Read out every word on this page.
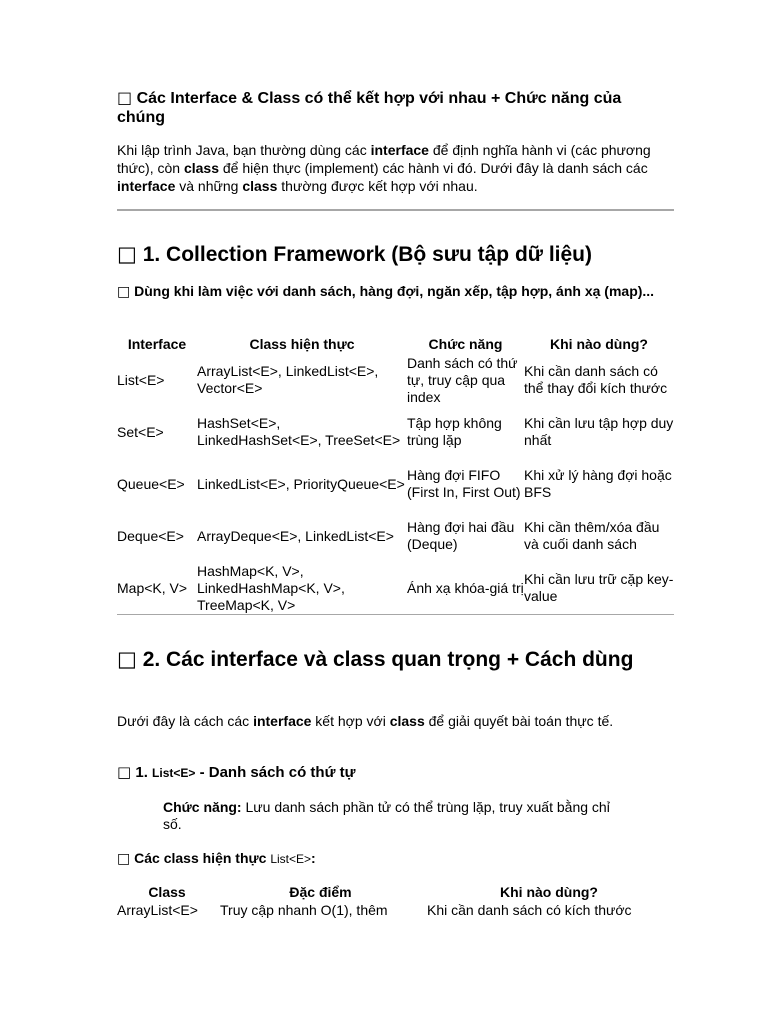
□ Các Interface & Class có thể kết hợp với nhau + Chức năng của chúng

Khi lập trình Java, bạn thường dùng các interface để định nghĩa hành vi (các phương thức), còn class để hiện thực (implement) các hành vi đó. Dưới đây là danh sách các interface và những class thường được kết hợp với nhau.

□ 1. Collection Framework (Bộ sưu tập dữ liệu)

□ Dùng khi làm việc với danh sách, hàng đợi, ngăn xếp, tập hợp, ánh xạ (map)...

Interface	Class hiện thực	Chức năng	Khi nào dùng?
List<E>	ArrayList<E>, LinkedList<E>, Vector<E>	Danh sách có thứ tự, truy cập qua index	Khi cần danh sách có thể thay đổi kích thước
Set<E>	HashSet<E>, LinkedHashSet<E>, TreeSet<E>	Tập hợp không trùng lặp	Khi cần lưu tập hợp duy nhất
Queue<E>	LinkedList<E>, PriorityQueue<E>	Hàng đợi FIFO (First In, First Out)	Khi xử lý hàng đợi hoặc BFS
Deque<E>	ArrayDeque<E>, LinkedList<E>	Hàng đợi hai đầu (Deque)	Khi cần thêm/xóa đầu và cuối danh sách
Map<K, V>	HashMap<K, V>, LinkedHashMap<K, V>, TreeMap<K, V>	Ánh xạ khóa-giá trị	Khi cần lưu trữ cặp key-value
□ 2. Các interface và class quan trọng + Cách dùng

Dưới đây là cách các interface kết hợp với class để giải quyết bài toán thực tế.

□ 1. List<E> - Danh sách có thứ tự

Chức năng: Lưu danh sách phần tử có thể trùng lặp, truy xuất bằng chỉ số.

□ Các class hiện thực List<E>:

Class	Đặc điểm	Khi nào dùng?
ArrayList<E>	Truy cập nhanh O(1), thêm	Khi cần danh sách có kích thước
